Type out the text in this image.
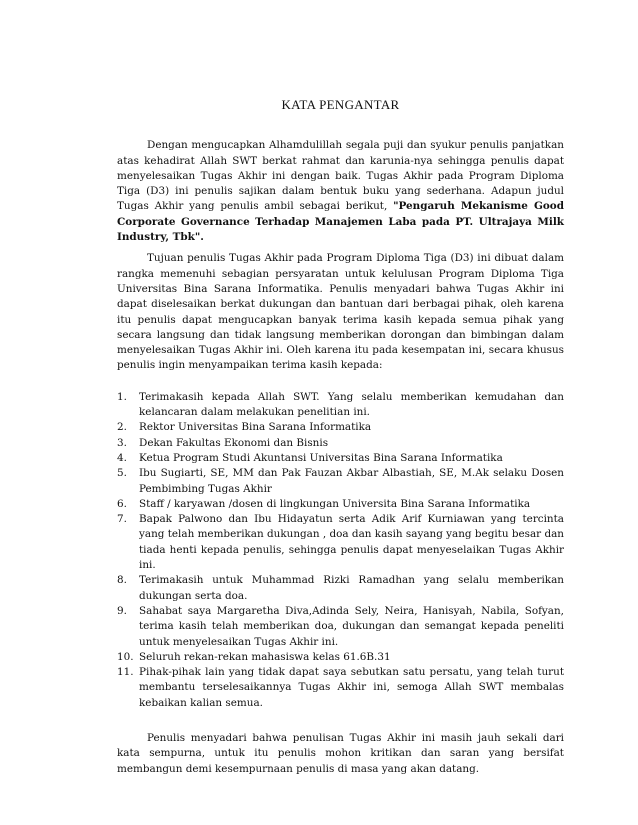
KATA PENGANTAR

Dengan mengucapkan Alhamdulillah segala puji dan syukur penulis panjatkan atas kehadirat Allah SWT berkat rahmat dan karunia-nya sehingga penulis dapat menyelesaikan Tugas Akhir ini dengan baik. Tugas Akhir pada Program Diploma Tiga (D3) ini penulis sajikan dalam bentuk buku yang sederhana. Adapun judul Tugas Akhir yang penulis ambil sebagai berikut, "Pengaruh Mekanisme Good Corporate Governance Terhadap Manajemen Laba pada PT. Ultrajaya Milk Industry, Tbk".

Tujuan penulis Tugas Akhir pada Program Diploma Tiga (D3) ini dibuat dalam rangka memenuhi sebagian persyaratan untuk kelulusan Program Diploma Tiga Universitas Bina Sarana Informatika. Penulis menyadari bahwa Tugas Akhir ini dapat diselesaikan berkat dukungan dan bantuan dari berbagai pihak, oleh karena itu penulis dapat mengucapkan banyak terima kasih kepada semua pihak yang secara langsung dan tidak langsung memberikan dorongan dan bimbingan dalam menyelesaikan Tugas Akhir ini. Oleh karena itu pada kesempatan ini, secara khusus penulis ingin menyampaikan terima kasih kepada:

1. Terimakasih kepada Allah SWT. Yang selalu memberikan kemudahan dan kelancaran dalam melakukan penelitian ini.
2. Rektor Universitas Bina Sarana Informatika
3. Dekan Fakultas Ekonomi dan Bisnis
4. Ketua Program Studi Akuntansi Universitas Bina Sarana Informatika
5. Ibu Sugiarti, SE, MM dan Pak Fauzan Akbar Albastiah, SE, M.Ak selaku Dosen Pembimbing Tugas Akhir
6. Staff / karyawan /dosen di lingkungan Universita Bina Sarana Informatika
7. Bapak Palwono dan Ibu Hidayatun serta Adik Arif Kurniawan yang tercinta yang telah memberikan dukungan , doa dan kasih sayang yang begitu besar dan tiada henti kepada penulis, sehingga penulis dapat menyeselaikan Tugas Akhir ini.
8. Terimakasih untuk Muhammad Rizki Ramadhan yang selalu memberikan dukungan serta doa.
9. Sahabat saya Margaretha Diva,Adinda Sely, Neira, Hanisyah, Nabila, Sofyan, terima kasih telah memberikan doa, dukungan dan semangat kepada peneliti untuk menyelesaikan Tugas Akhir ini.
10. Seluruh rekan-rekan mahasiswa kelas 61.6B.31
11. Pihak-pihak lain yang tidak dapat saya sebutkan satu persatu, yang telah turut membantu terselesaikannya Tugas Akhir ini, semoga Allah SWT membalas kebaikan kalian semua.

Penulis menyadari bahwa penulisan Tugas Akhir ini masih jauh sekali dari kata sempurna, untuk itu penulis mohon kritikan dan saran yang bersifat membangun demi kesempurnaan penulis di masa yang akan datang.
